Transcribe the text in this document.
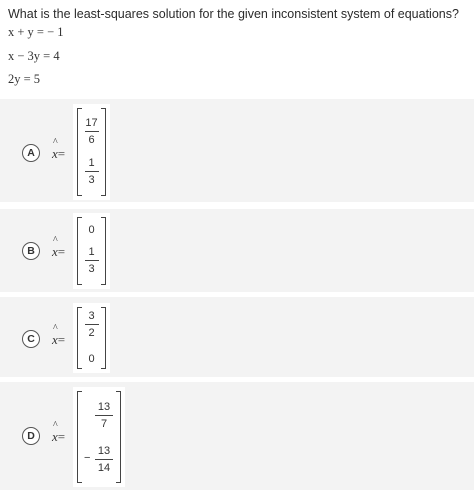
What is the least-squares solution for the given inconsistent system of equations?
x + y = − 1
x − 3y = 4
2y = 5
A	^ x=
17
6
1
3
B	^ x=
0
1
3
C	^ x=
3
2
0
D	^ x=
13
7
−
13
14
